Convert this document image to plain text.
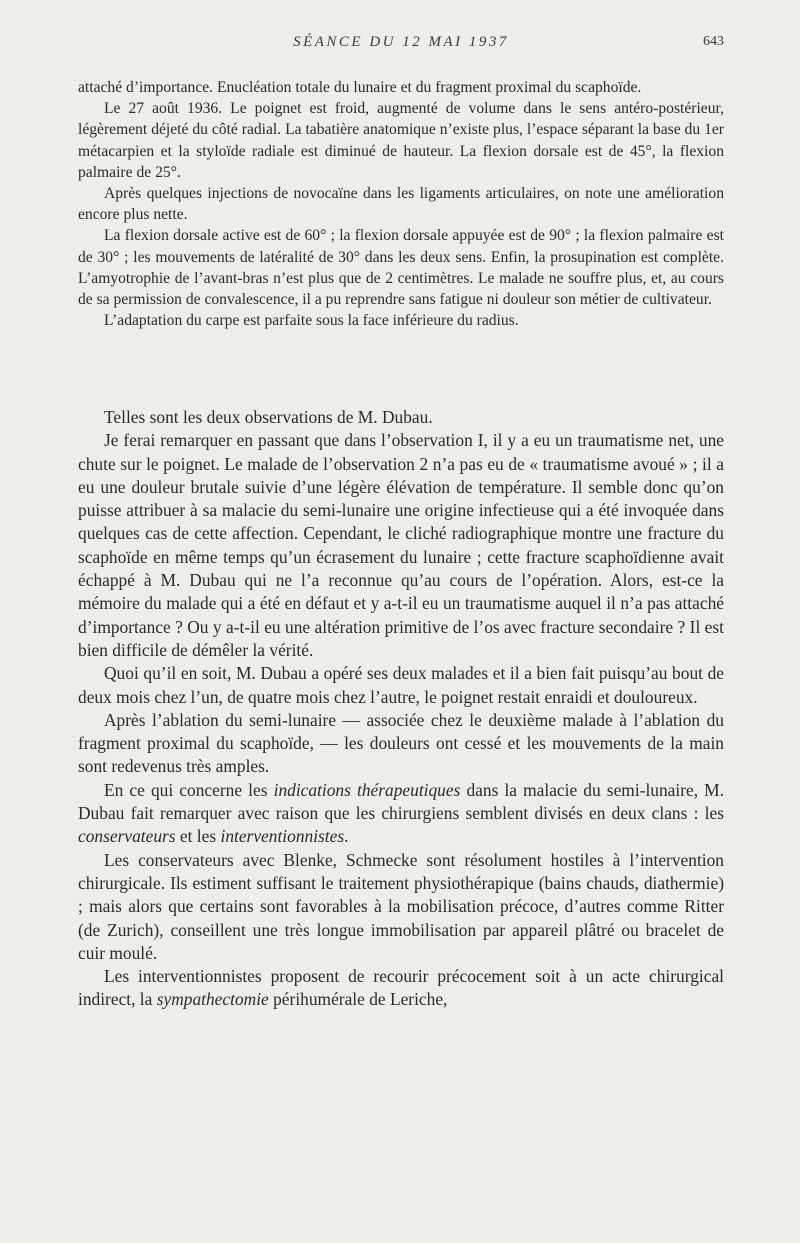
SÉANCE DU 12 MAI 1937	643

attaché d’importance. Enucléation totale du lunaire et du fragment proximal du scaphoïde.

Le 27 août 1936. Le poignet est froid, augmenté de volume dans le sens antéro-postérieur, légèrement déjeté du côté radial. La tabatière anatomique n’existe plus, l’espace séparant la base du 1er métacarpien et la styloïde radiale est diminué de hauteur. La flexion dorsale est de 45°, la flexion palmaire de 25°.

Après quelques injections de novocaïne dans les ligaments articulaires, on note une amélioration encore plus nette.

La flexion dorsale active est de 60° ; la flexion dorsale appuyée est de 90° ; la flexion palmaire est de 30° ; les mouvements de latéralité de 30° dans les deux sens. Enfin, la prosupination est complète. L’amyotrophie de l’avant-bras n’est plus que de 2 centimètres. Le malade ne souffre plus, et, au cours de sa permission de convalescence, il a pu reprendre sans fatigue ni douleur son métier de cultivateur.

L’adaptation du carpe est parfaite sous la face inférieure du radius.

Telles sont les deux observations de M. Dubau.

Je ferai remarquer en passant que dans l’observation I, il y a eu un traumatisme net, une chute sur le poignet. Le malade de l’observation 2 n’a pas eu de « traumatisme avoué » ; il a eu une douleur brutale suivie d’une légère élévation de température. Il semble donc qu’on puisse attribuer à sa malacie du semi-lunaire une origine infectieuse qui a été invoquée dans quelques cas de cette affection. Cependant, le cliché radiographique montre une fracture du scaphoïde en même temps qu’un écrasement du lunaire ; cette fracture scaphoïdienne avait échappé à M. Dubau qui ne l’a reconnue qu’au cours de l’opération. Alors, est-ce la mémoire du malade qui a été en défaut et y a-t-il eu un traumatisme auquel il n’a pas attaché d’importance ? Ou y a-t-il eu une altération primitive de l’os avec fracture secondaire ? Il est bien difficile de démêler la vérité.

Quoi qu’il en soit, M. Dubau a opéré ses deux malades et il a bien fait puisqu’au bout de deux mois chez l’un, de quatre mois chez l’autre, le poignet restait enraidi et douloureux.

Après l’ablation du semi-lunaire — associée chez le deuxième malade à l’ablation du fragment proximal du scaphoïde, — les douleurs ont cessé et les mouvements de la main sont redevenus très amples.

En ce qui concerne les indications thérapeutiques dans la malacie du semi-lunaire, M. Dubau fait remarquer avec raison que les chirurgiens semblent divisés en deux clans : les conservateurs et les interventionnistes.

Les conservateurs avec Blenke, Schmecke sont résolument hostiles à l’intervention chirurgicale. Ils estiment suffisant le traitement physiothérapique (bains chauds, diathermie) ; mais alors que certains sont favorables à la mobilisation précoce, d’autres comme Ritter (de Zurich), conseillent une très longue immobilisation par appareil plâtré ou bracelet de cuir moulé.

Les interventionnistes proposent de recourir précocement soit à un acte chirurgical indirect, la sympathectomie périhumérale de Leriche,
